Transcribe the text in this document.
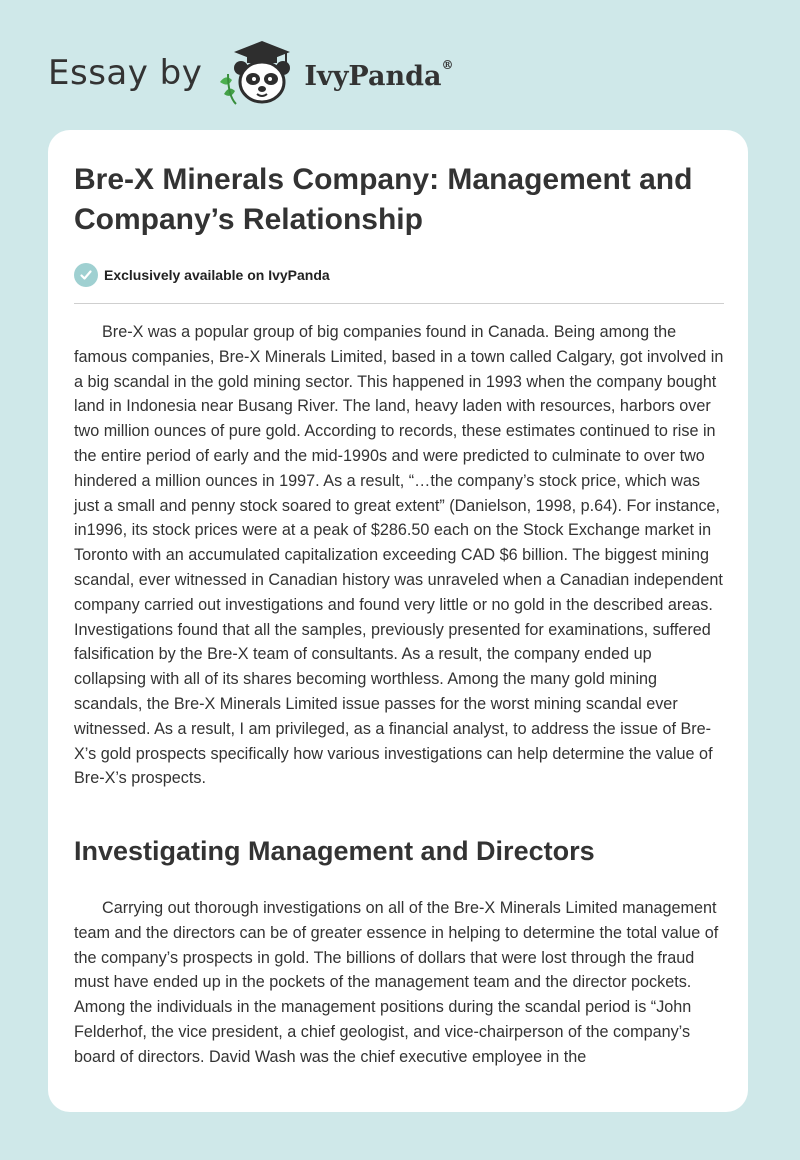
Essay by	IvyPanda®
Bre-X Minerals Company: Management and Company’s Relationship
Exclusively available on IvyPanda

Bre-X was a popular group of big companies found in Canada. Being among the famous companies, Bre-X Minerals Limited, based in a town called Calgary, got involved in a big scandal in the gold mining sector. This happened in 1993 when the company bought land in Indonesia near Busang River. The land, heavy laden with resources, harbors over two million ounces of pure gold. According to records, these estimates continued to rise in the entire period of early and the mid-1990s and were predicted to culminate to over two hindered a million ounces in 1997. As a result, “…the company’s stock price, which was just a small and penny stock soared to great extent” (Danielson, 1998, p.64). For instance, in1996, its stock prices were at a peak of $286.50 each on the Stock Exchange market in Toronto with an accumulated capitalization exceeding CAD $6 billion. The biggest mining scandal, ever witnessed in Canadian history was unraveled when a Canadian independent company carried out investigations and found very little or no gold in the described areas. Investigations found that all the samples, previously presented for examinations, suffered falsification by the Bre-X team of consultants. As a result, the company ended up collapsing with all of its shares becoming worthless. Among the many gold mining scandals, the Bre-X Minerals Limited issue passes for the worst mining scandal ever witnessed. As a result, I am privileged, as a financial analyst, to address the issue of Bre-X’s gold prospects specifically how various investigations can help determine the value of Bre-X’s prospects.

Investigating Management and Directors

Carrying out thorough investigations on all of the Bre-X Minerals Limited management team and the directors can be of greater essence in helping to determine the total value of the company’s prospects in gold. The billions of dollars that were lost through the fraud must have ended up in the pockets of the management team and the director pockets. Among the individuals in the management positions during the scandal period is “John Felderhof, the vice president, a chief geologist, and vice-chairperson of the company’s board of directors. David Wash was the chief executive employee in the
